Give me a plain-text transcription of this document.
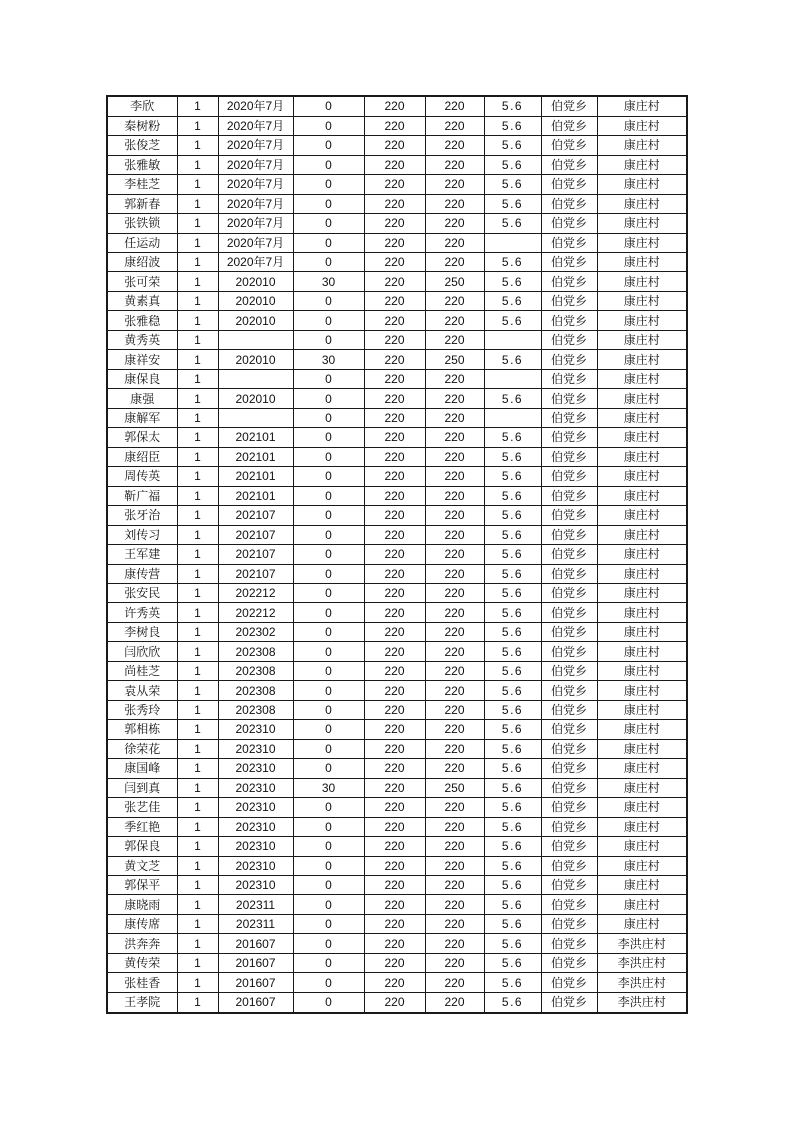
李欣	1	2020年7月	0	220	220	5.6	伯党乡	康庄村
秦树粉	1	2020年7月	0	220	220	5.6	伯党乡	康庄村
张俊芝	1	2020年7月	0	220	220	5.6	伯党乡	康庄村
张雅敏	1	2020年7月	0	220	220	5.6	伯党乡	康庄村
李桂芝	1	2020年7月	0	220	220	5.6	伯党乡	康庄村
郭新春	1	2020年7月	0	220	220	5.6	伯党乡	康庄村
张铁锁	1	2020年7月	0	220	220	5.6	伯党乡	康庄村
任运动	1	2020年7月	0	220	220		伯党乡	康庄村
康绍波	1	2020年7月	0	220	220	5.6	伯党乡	康庄村
张可荣	1	202010	30	220	250	5.6	伯党乡	康庄村
黄素真	1	202010	0	220	220	5.6	伯党乡	康庄村
张雅稳	1	202010	0	220	220	5.6	伯党乡	康庄村
黄秀英	1		0	220	220		伯党乡	康庄村
康祥安	1	202010	30	220	250	5.6	伯党乡	康庄村
康保良	1		0	220	220		伯党乡	康庄村
康强	1	202010	0	220	220	5.6	伯党乡	康庄村
康解军	1		0	220	220		伯党乡	康庄村
郭保太	1	202101	0	220	220	5.6	伯党乡	康庄村
康绍臣	1	202101	0	220	220	5.6	伯党乡	康庄村
周传英	1	202101	0	220	220	5.6	伯党乡	康庄村
靳广福	1	202101	0	220	220	5.6	伯党乡	康庄村
张牙治	1	202107	0	220	220	5.6	伯党乡	康庄村
刘传习	1	202107	0	220	220	5.6	伯党乡	康庄村
王军建	1	202107	0	220	220	5.6	伯党乡	康庄村
康传营	1	202107	0	220	220	5.6	伯党乡	康庄村
张安民	1	202212	0	220	220	5.6	伯党乡	康庄村
许秀英	1	202212	0	220	220	5.6	伯党乡	康庄村
李树良	1	202302	0	220	220	5.6	伯党乡	康庄村
闫欣欣	1	202308	0	220	220	5.6	伯党乡	康庄村
尚桂芝	1	202308	0	220	220	5.6	伯党乡	康庄村
袁从荣	1	202308	0	220	220	5.6	伯党乡	康庄村
张秀玲	1	202308	0	220	220	5.6	伯党乡	康庄村
郭相栋	1	202310	0	220	220	5.6	伯党乡	康庄村
徐荣花	1	202310	0	220	220	5.6	伯党乡	康庄村
康国峰	1	202310	0	220	220	5.6	伯党乡	康庄村
闫到真	1	202310	30	220	250	5.6	伯党乡	康庄村
张艺佳	1	202310	0	220	220	5.6	伯党乡	康庄村
季红艳	1	202310	0	220	220	5.6	伯党乡	康庄村
郭保良	1	202310	0	220	220	5.6	伯党乡	康庄村
黄文芝	1	202310	0	220	220	5.6	伯党乡	康庄村
郭保平	1	202310	0	220	220	5.6	伯党乡	康庄村
康晓雨	1	202311	0	220	220	5.6	伯党乡	康庄村
康传席	1	202311	0	220	220	5.6	伯党乡	康庄村
洪奔奔	1	201607	0	220	220	5.6	伯党乡	李洪庄村
黄传荣	1	201607	0	220	220	5.6	伯党乡	李洪庄村
张桂香	1	201607	0	220	220	5.6	伯党乡	李洪庄村
王孝院	1	201607	0	220	220	5.6	伯党乡	李洪庄村
